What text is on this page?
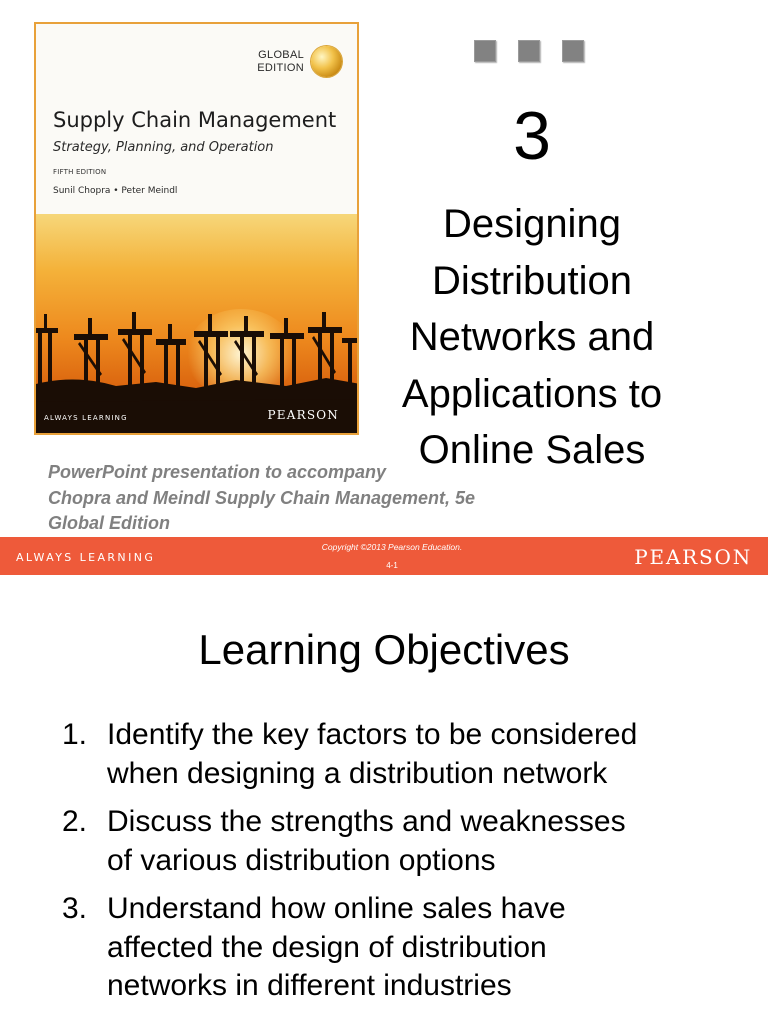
GLOBAL
EDITION
Supply Chain Management
Strategy, Planning, and Operation
FIFTH EDITION
Sunil Chopra • Peter Meindl
ALWAYS LEARNING	PEARSON
3
Designing
Distribution
Networks and
Applications to
Online Sales
PowerPoint presentation to accompany
Chopra and Meindl Supply Chain Management, 5e
Global Edition
ALWAYS LEARNING
Copyright ©2013 Pearson Education.
4-1	PEARSON
Learning Objectives
1. Identify the key factors to be considered
when designing a distribution network
2. Discuss the strengths and weaknesses
of various distribution options
3. Understand how online sales have
affected the design of distribution
networks in different industries
